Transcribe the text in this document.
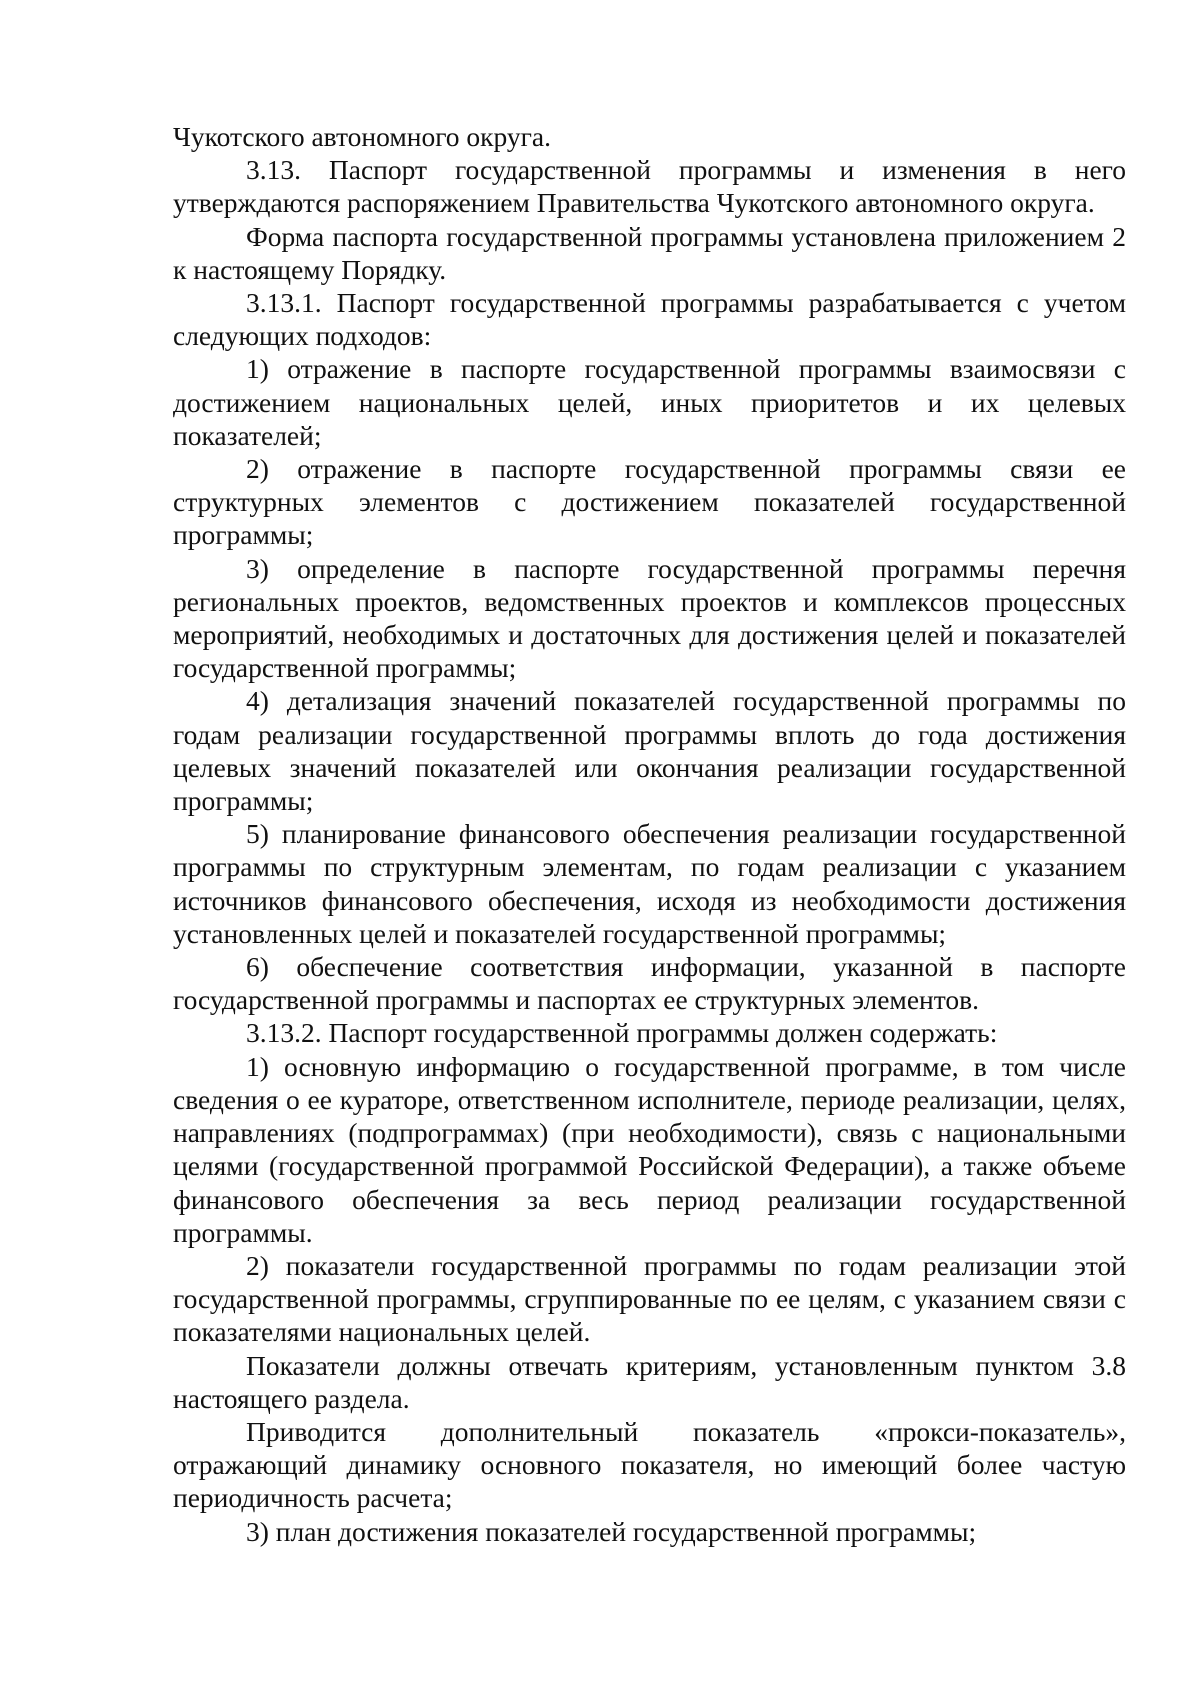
Чукотского автономного округа.

3.13. Паспорт государственной программы и изменения в него утверждаются распоряжением Правительства Чукотского автономного округа.

Форма паспорта государственной программы установлена приложением 2 к настоящему Порядку.

3.13.1. Паспорт государственной программы разрабатывается с учетом следующих подходов:

1) отражение в паспорте государственной программы взаимосвязи с достижением национальных целей, иных приоритетов и их целевых показателей;

2) отражение в паспорте государственной программы связи ее структурных элементов с достижением показателей государственной программы;

3) определение в паспорте государственной программы перечня региональных проектов, ведомственных проектов и комплексов процессных мероприятий, необходимых и достаточных для достижения целей и показателей государственной программы;

4) детализация значений показателей государственной программы по годам реализации государственной программы вплоть до года достижения целевых значений показателей или окончания реализации государственной программы;

5) планирование финансового обеспечения реализации государственной программы по структурным элементам, по годам реализации с указанием источников финансового обеспечения, исходя из необходимости достижения установленных целей и показателей государственной программы;

6) обеспечение соответствия информации, указанной в паспорте государственной программы и паспортах ее структурных элементов.

3.13.2. Паспорт государственной программы должен содержать:

1) основную информацию о государственной программе, в том числе сведения о ее кураторе, ответственном исполнителе, периоде реализации, целях, направлениях (подпрограммах) (при необходимости), связь с национальными целями (государственной программой Российской Федерации), а также объеме финансового обеспечения за весь период реализации государственной программы.

2) показатели государственной программы по годам реализации этой государственной программы, сгруппированные по ее целям, с указанием связи с показателями национальных целей.

Показатели должны отвечать критериям, установленным пунктом 3.8 настоящего раздела.

Приводится дополнительный показатель «прокси-показатель», отражающий динамику основного показателя, но имеющий более частую периодичность расчета;

3) план достижения показателей государственной программы;
